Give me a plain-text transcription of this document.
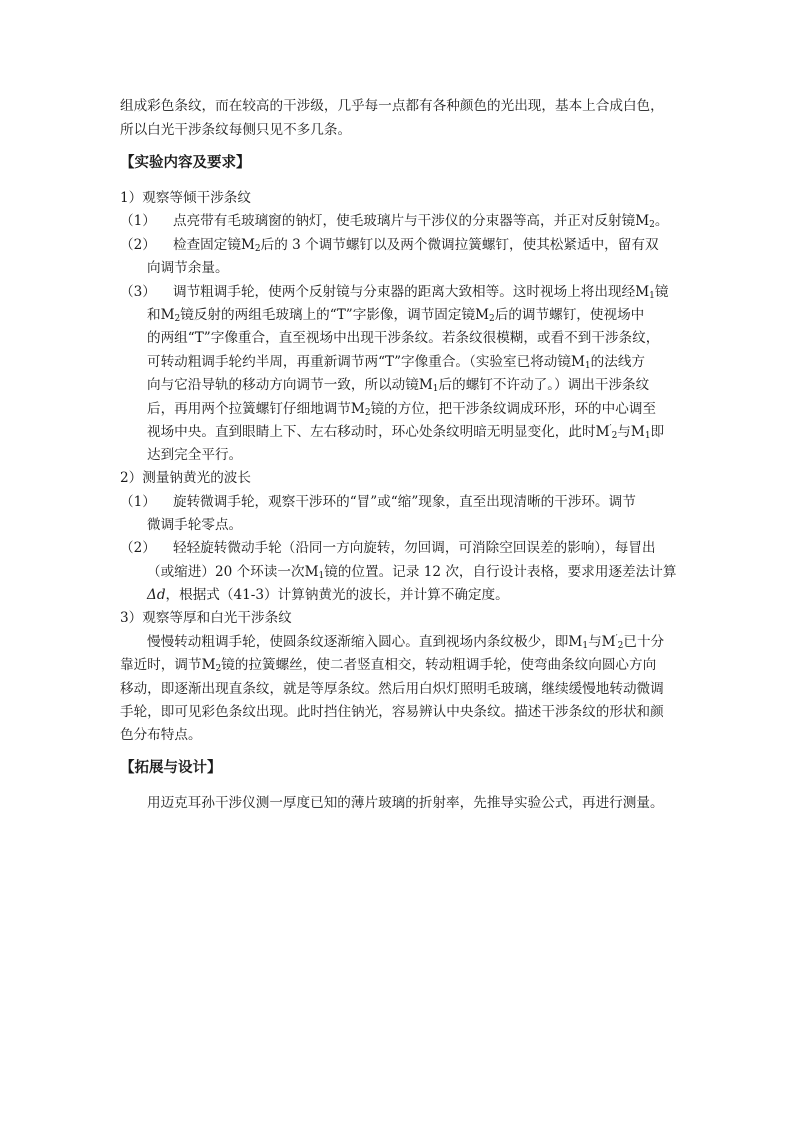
组成彩色条纹，而在较高的干涉级，几乎每一点都有各种颜色的光出现，基本上合成白色，
所以白光干涉条纹每侧只见不多几条。
【实验内容及要求】
1）观察等倾干涉条纹
（1） 点亮带有毛玻璃窗的钠灯，使毛玻璃片与干涉仪的分束器等高，并正对反射镜$M_2$。
（2） 检查固定镜$M_2$后的 3 个调节螺钉以及两个微调拉簧螺钉，使其松紧适中，留有双
向调节余量。
（3） 调节粗调手轮，使两个反射镜与分束器的距离大致相等。这时视场上将出现经$M_1$镜
和$M_2$镜反射的两组毛玻璃上的“T”字影像，调节固定镜$M_2$后的调节螺钉，使视场中
的两组“T”字像重合，直至视场中出现干涉条纹。若条纹很模糊，或看不到干涉条纹，
可转动粗调手轮约半周，再重新调节两“T”字像重合。（实验室已将动镜$M_1$的法线方
向与它沿导轨的移动方向调节一致，所以动镜$M_1$后的螺钉不许动了。）调出干涉条纹
后，再用两个拉簧螺钉仔细地调节$M_2$镜的方位，把干涉条纹调成环形，环的中心调至
视场中央。直到眼睛上下、左右移动时，环心处条纹明暗无明显变化，此时$M'_2$与$M_1$即
达到完全平行。
2）测量钠黄光的波长
（1） 旋转微调手轮，观察干涉环的“冒”或“缩”现象，直至出现清晰的干涉环。调节
微调手轮零点。
（2） 轻轻旋转微动手轮（沿同一方向旋转，勿回调，可消除空回误差的影响），每冒出
（或缩进）20 个环读一次$M_1$镜的位置。记录 12 次，自行设计表格，要求用逐差法计算
Δd，根据式（41-3）计算钠黄光的波长，并计算不确定度。
3）观察等厚和白光干涉条纹
慢慢转动粗调手轮，使圆条纹逐渐缩入圆心。直到视场内条纹极少，即$M_1$与$M'_2$已十分
靠近时，调节$M_2$镜的拉簧螺丝，使二者竖直相交，转动粗调手轮，使弯曲条纹向圆心方向
移动，即逐渐出现直条纹，就是等厚条纹。然后用白炽灯照明毛玻璃，继续缓慢地转动微调
手轮，即可见彩色条纹出现。此时挡住钠光，容易辨认中央条纹。描述干涉条纹的形状和颜
色分布特点。
【拓展与设计】
用迈克耳孙干涉仪测一厚度已知的薄片玻璃的折射率，先推导实验公式，再进行测量。
